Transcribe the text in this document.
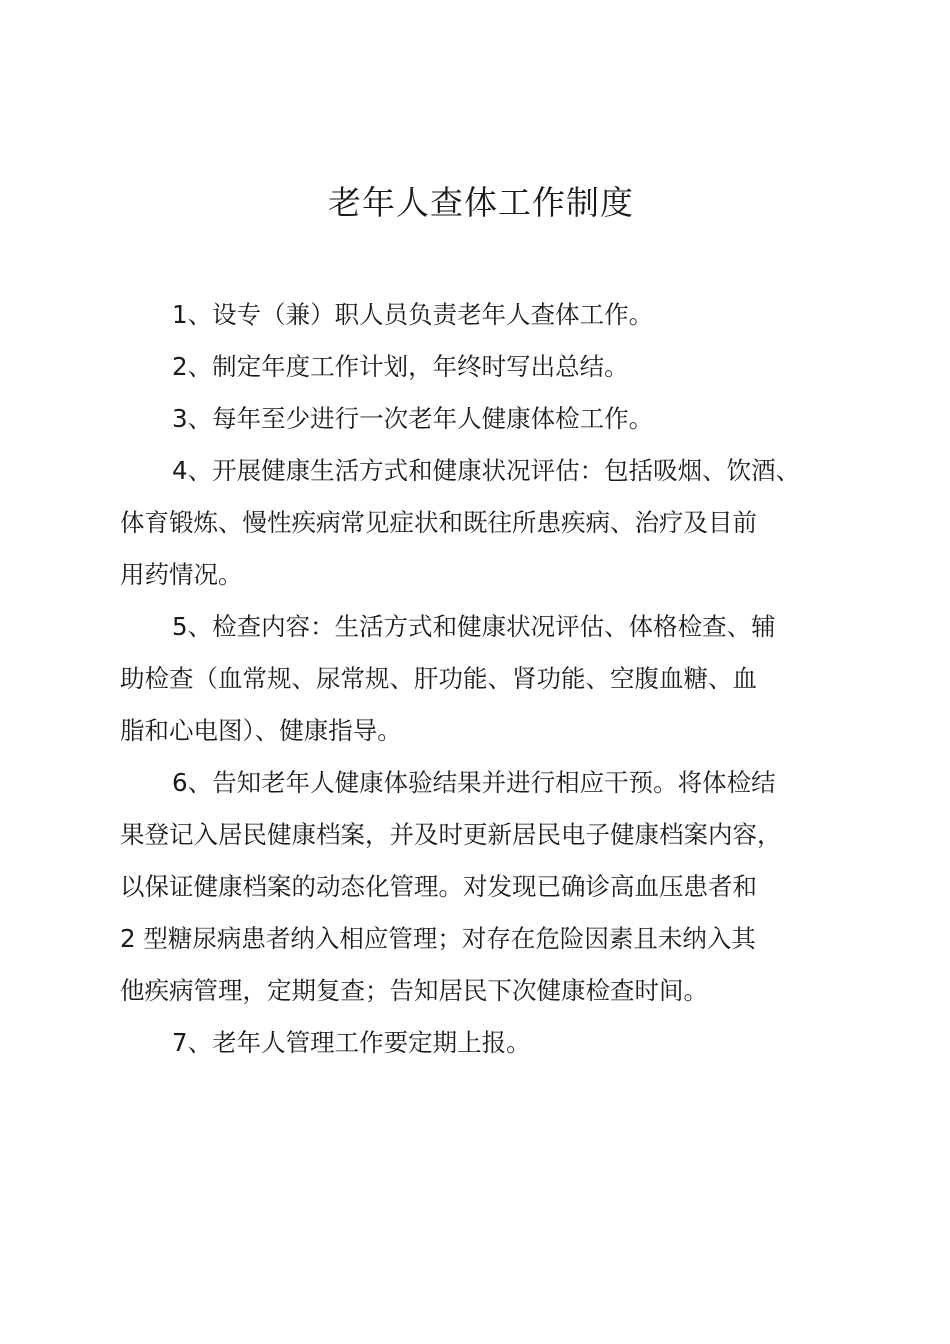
老年人查体工作制度

1、设专（兼）职人员负责老年人查体工作。

2、制定年度工作计划，年终时写出总结。

3、每年至少进行一次老年人健康体检工作。

4、开展健康生活方式和健康状况评估：包括吸烟、饮酒、
体育锻炼、慢性疾病常见症状和既往所患疾病、治疗及目前
用药情况。

5、检查内容：生活方式和健康状况评估、体格检查、辅
助检查（血常规、尿常规、肝功能、肾功能、空腹血糖、血
脂和心电图）、健康指导。

6、告知老年人健康体验结果并进行相应干预。将体检结
果登记入居民健康档案，并及时更新居民电子健康档案内容，
以保证健康档案的动态化管理。对发现已确诊高血压患者和
2 型糖尿病患者纳入相应管理；对存在危险因素且未纳入其
他疾病管理，定期复查；告知居民下次健康检查时间。

7、老年人管理工作要定期上报。
